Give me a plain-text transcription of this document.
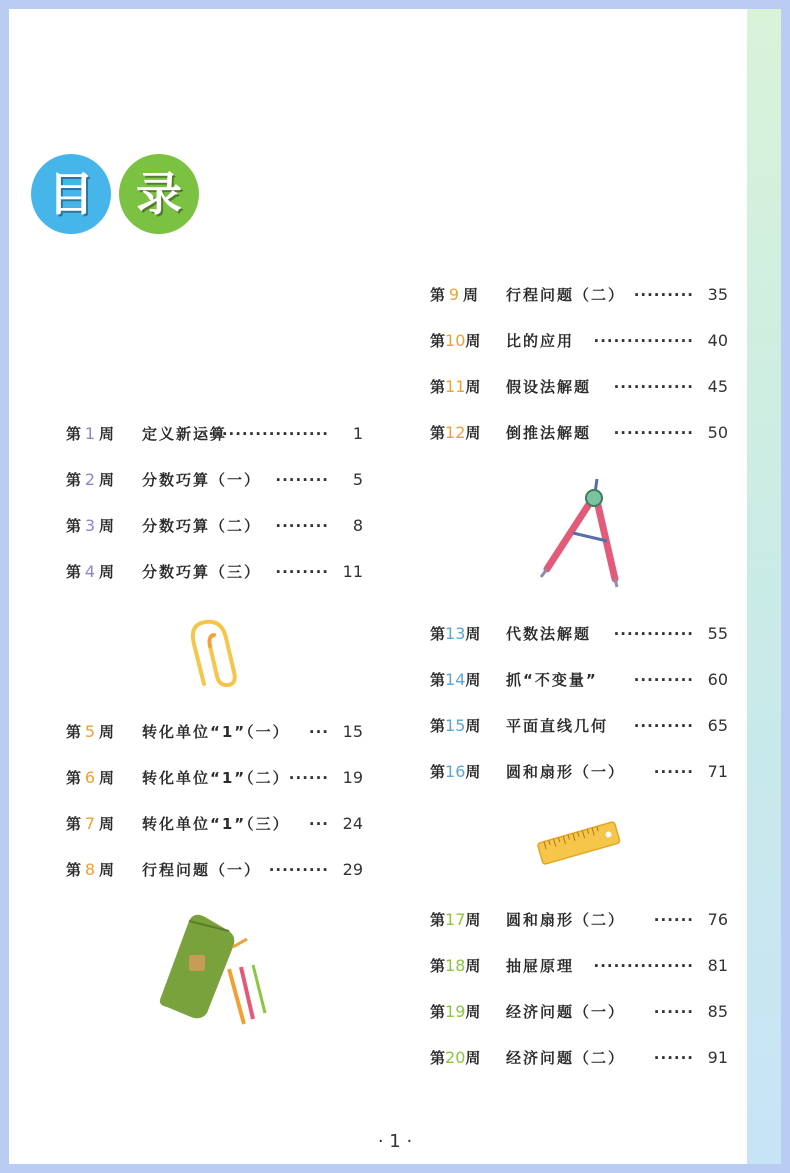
目 录
第 1 周 定义新运算
··················· 1
第 2 周 分数巧算（一） ········ 5
第 3 周 分数巧算（二） ········ 8
第 4 周 分数巧算（三） ········ 11
第 5 周 转化单位“1”（一） ··· 15
第 6 周 转化单位“1”（二） ······ 19
第 7 周 转化单位“1”（三） ··· 24
第 8 周 行程问题（一） ········· 29
第 9 周 行程问题（二） ········· 35
第10周 比的应用 ··············· 40
第11周 假设法解题 ············ 45
第12周 倒推法解题 ············ 50
第13周 代数法解题 ············ 55
第14周 抓“不变量” ········· 60
第15周 平面直线几何 ········· 65
第16周 圆和扇形（一） ······ 71
第17周 圆和扇形（二） ······ 76
第18周 抽屉原理 ··············· 81
第19周 经济问题（一） ······ 85
第20周 经济问题（二） ······ 91
· 1 ·
